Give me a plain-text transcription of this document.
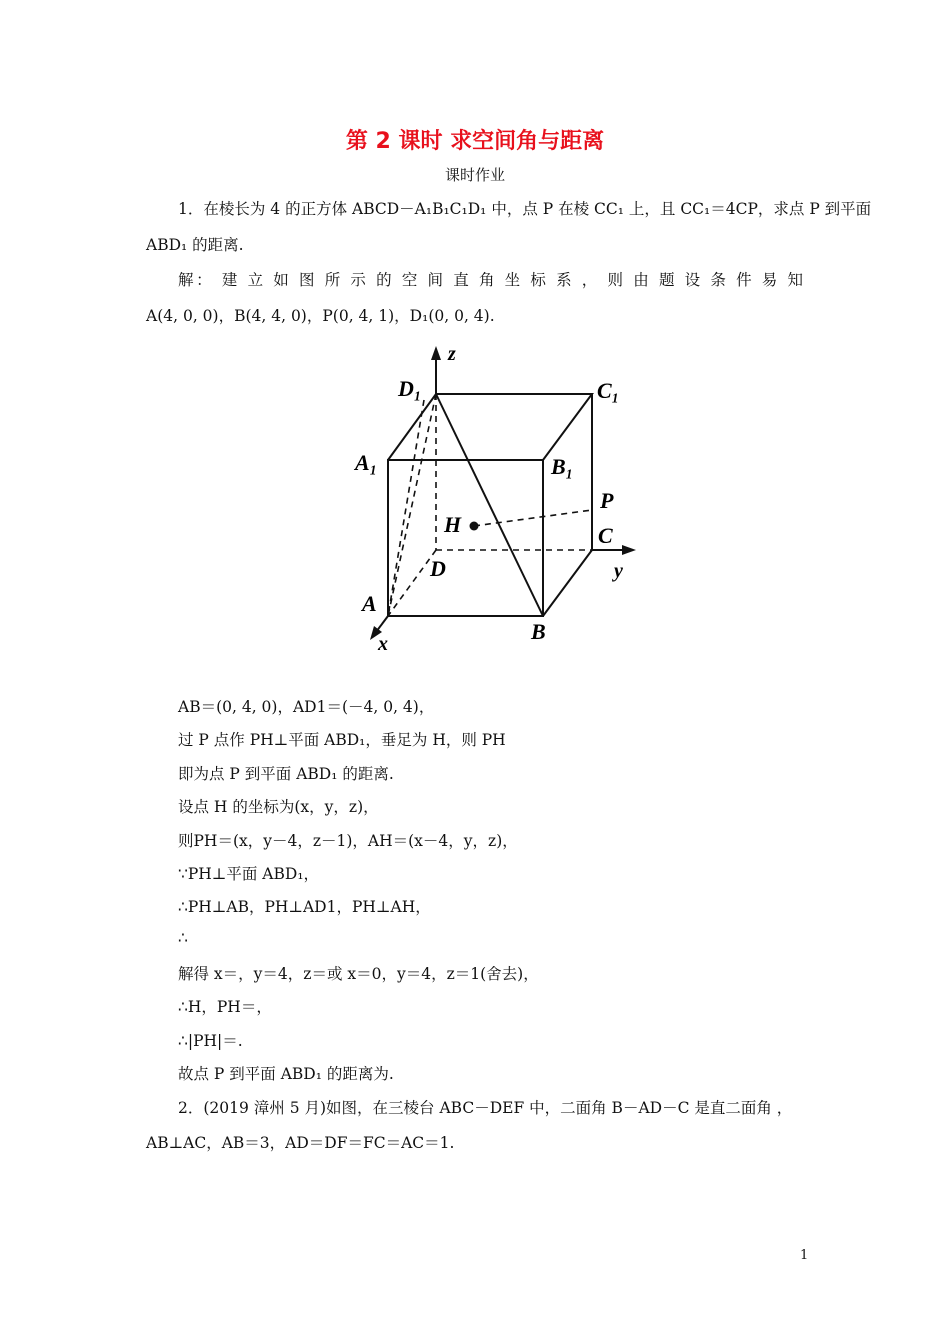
第 2 课时 求空间角与距离
课时作业
1．在棱长为 4 的正方体 ABCD－A₁B₁C₁D₁ 中，点 P 在棱 CC₁ 上，且 CC₁＝4CP，求点 P 到平面
ABD₁ 的距离.
解： 建 立 如 图 所 示 的 空 间 直 角 坐 标 系 ， 则 由 题 设 条 件 易 知
A(4, 0, 0)，B(4, 4, 0)，P(0, 4, 1)，D₁(0, 0, 4).
z
y
x
D₁	C₁
A₁	B₁
P
H	C
D
A
B
AB＝(0, 4, 0)，AD1＝(－4, 0, 4)，
过 P 点作 PH⊥平面 ABD₁，垂足为 H，则 PH
即为点 P 到平面 ABD₁ 的距离.
设点 H 的坐标为(x，y，z)，
则PH＝(x，y－4，z－1)，AH＝(x－4，y，z)，
∵PH⊥平面 ABD₁，
∴PH⊥AB，PH⊥AD1，PH⊥AH，
∴
解得 x＝，y＝4，z＝或 x＝0，y＝4，z＝1(舍去)，
∴H，PH＝，
∴|PH|＝.
故点 P 到平面 ABD₁ 的距离为.
2．(2019 漳州 5 月)如图，在三棱台 ABC－DEF 中，二面角 B－AD－C 是直二面角 ，
AB⊥AC，AB＝3，AD＝DF＝FC＝AC＝1.
1
